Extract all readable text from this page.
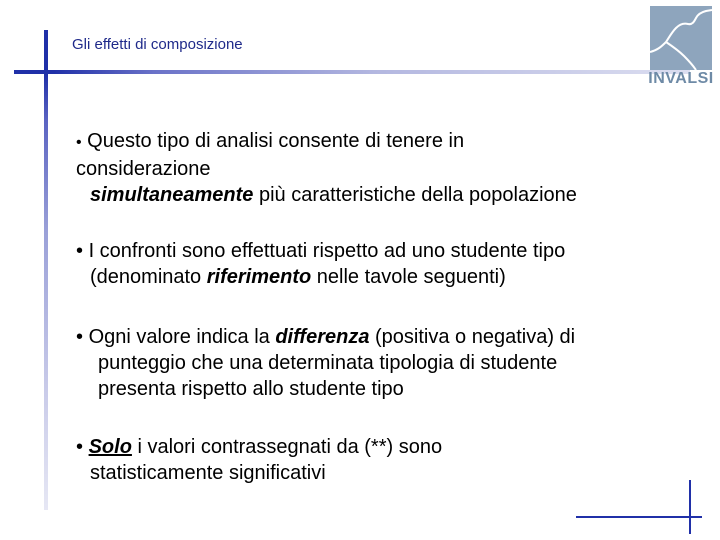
Gli effetti di composizione
INVALSI
• Questo tipo di analisi consente di tenere in
considerazione
simultaneamente più caratteristiche della popolazione
• I confronti sono effettuati rispetto ad uno studente tipo
(denominato riferimento nelle tavole seguenti)
• Ogni valore indica la differenza (positiva o negativa) di
punteggio che una determinata tipologia di studente
presenta rispetto allo studente tipo
• Solo i valori contrassegnati da (**) sono
statisticamente significativi
